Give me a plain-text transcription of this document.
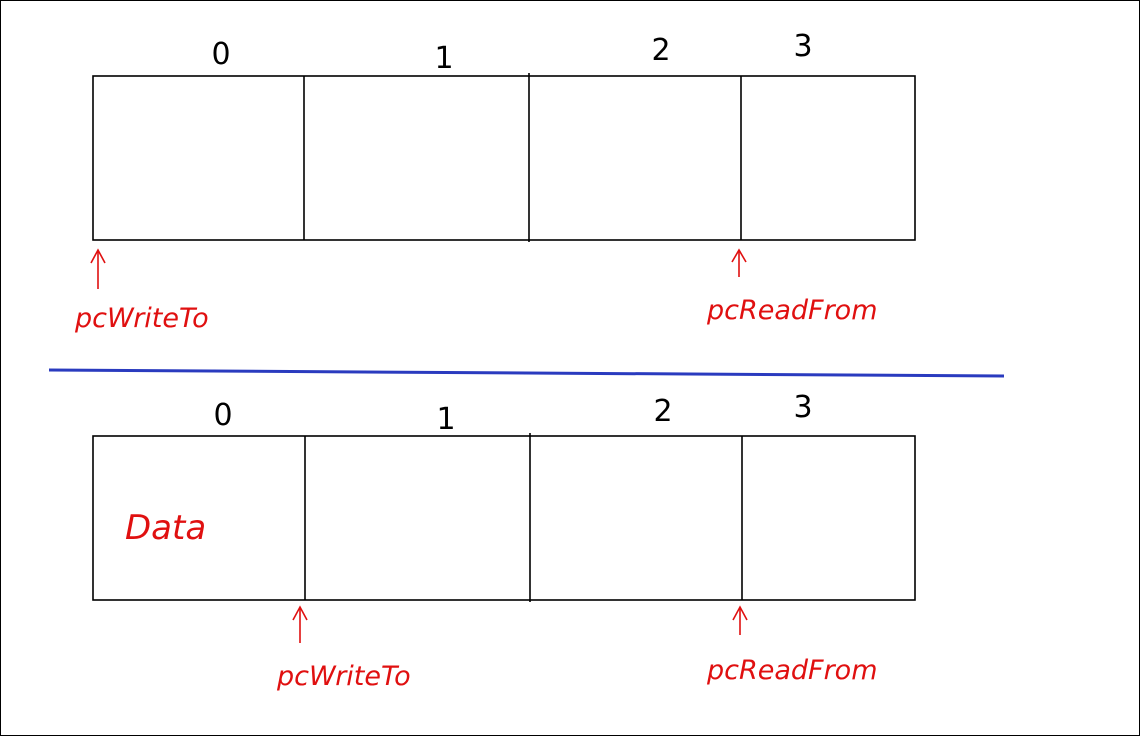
0	1	2	3
pcWriteTo	pcReadFrom
0	1	2	3
Data
pcWriteTo	pcReadFrom
